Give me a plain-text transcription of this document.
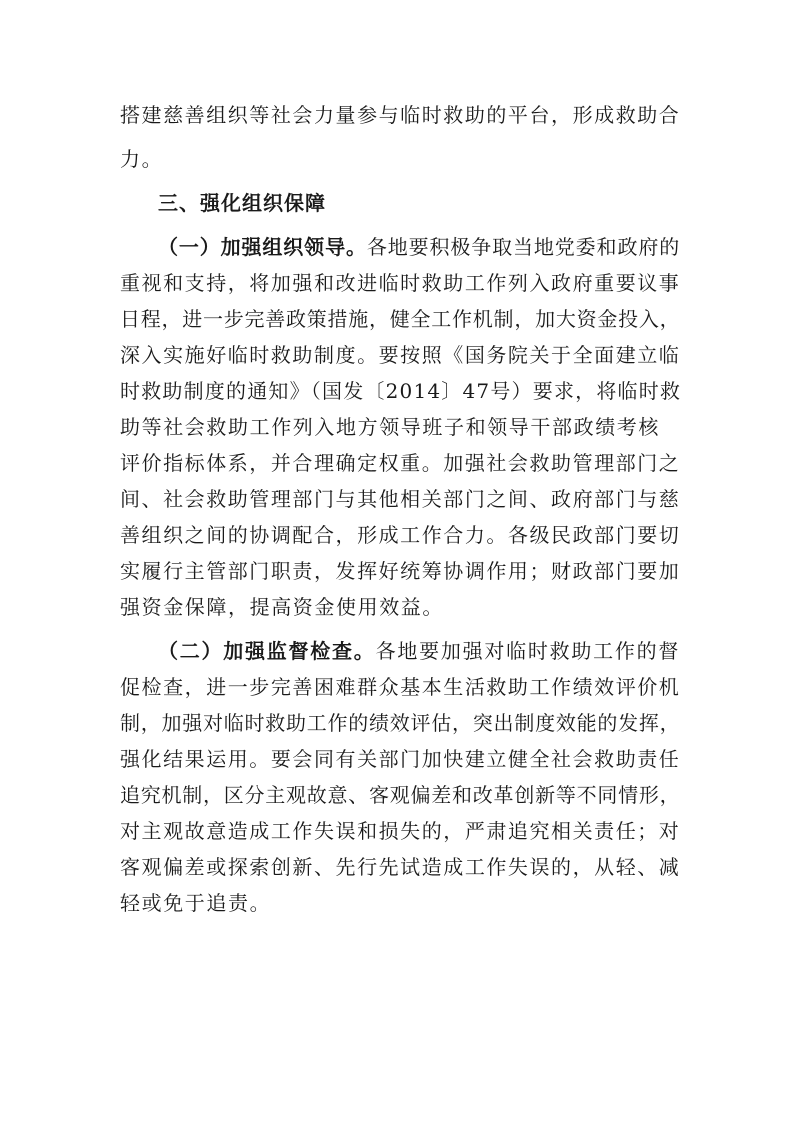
搭建慈善组织等社会力量参与临时救助的平台，形成救助合
力。
三、强化组织保障
（一）加强组织领导。各地要积极争取当地党委和政府的
重视和支持，将加强和改进临时救助工作列入政府重要议事
日程，进一步完善政策措施，健全工作机制，加大资金投入，
深入实施好临时救助制度。要按照《国务院关于全面建立临
时救助制度的通知》（国发〔2014〕47号）要求，将临时救
助等社会救助工作列入地方领导班子和领导干部政绩考核
评价指标体系，并合理确定权重。加强社会救助管理部门之
间、社会救助管理部门与其他相关部门之间、政府部门与慈
善组织之间的协调配合，形成工作合力。各级民政部门要切
实履行主管部门职责，发挥好统筹协调作用；财政部门要加
强资金保障，提高资金使用效益。
（二）加强监督检查。各地要加强对临时救助工作的督
促检查，进一步完善困难群众基本生活救助工作绩效评价机
制，加强对临时救助工作的绩效评估，突出制度效能的发挥，
强化结果运用。要会同有关部门加快建立健全社会救助责任
追究机制，区分主观故意、客观偏差和改革创新等不同情形，
对主观故意造成工作失误和损失的，严肃追究相关责任；对
客观偏差或探索创新、先行先试造成工作失误的，从轻、减
轻或免于追责。
